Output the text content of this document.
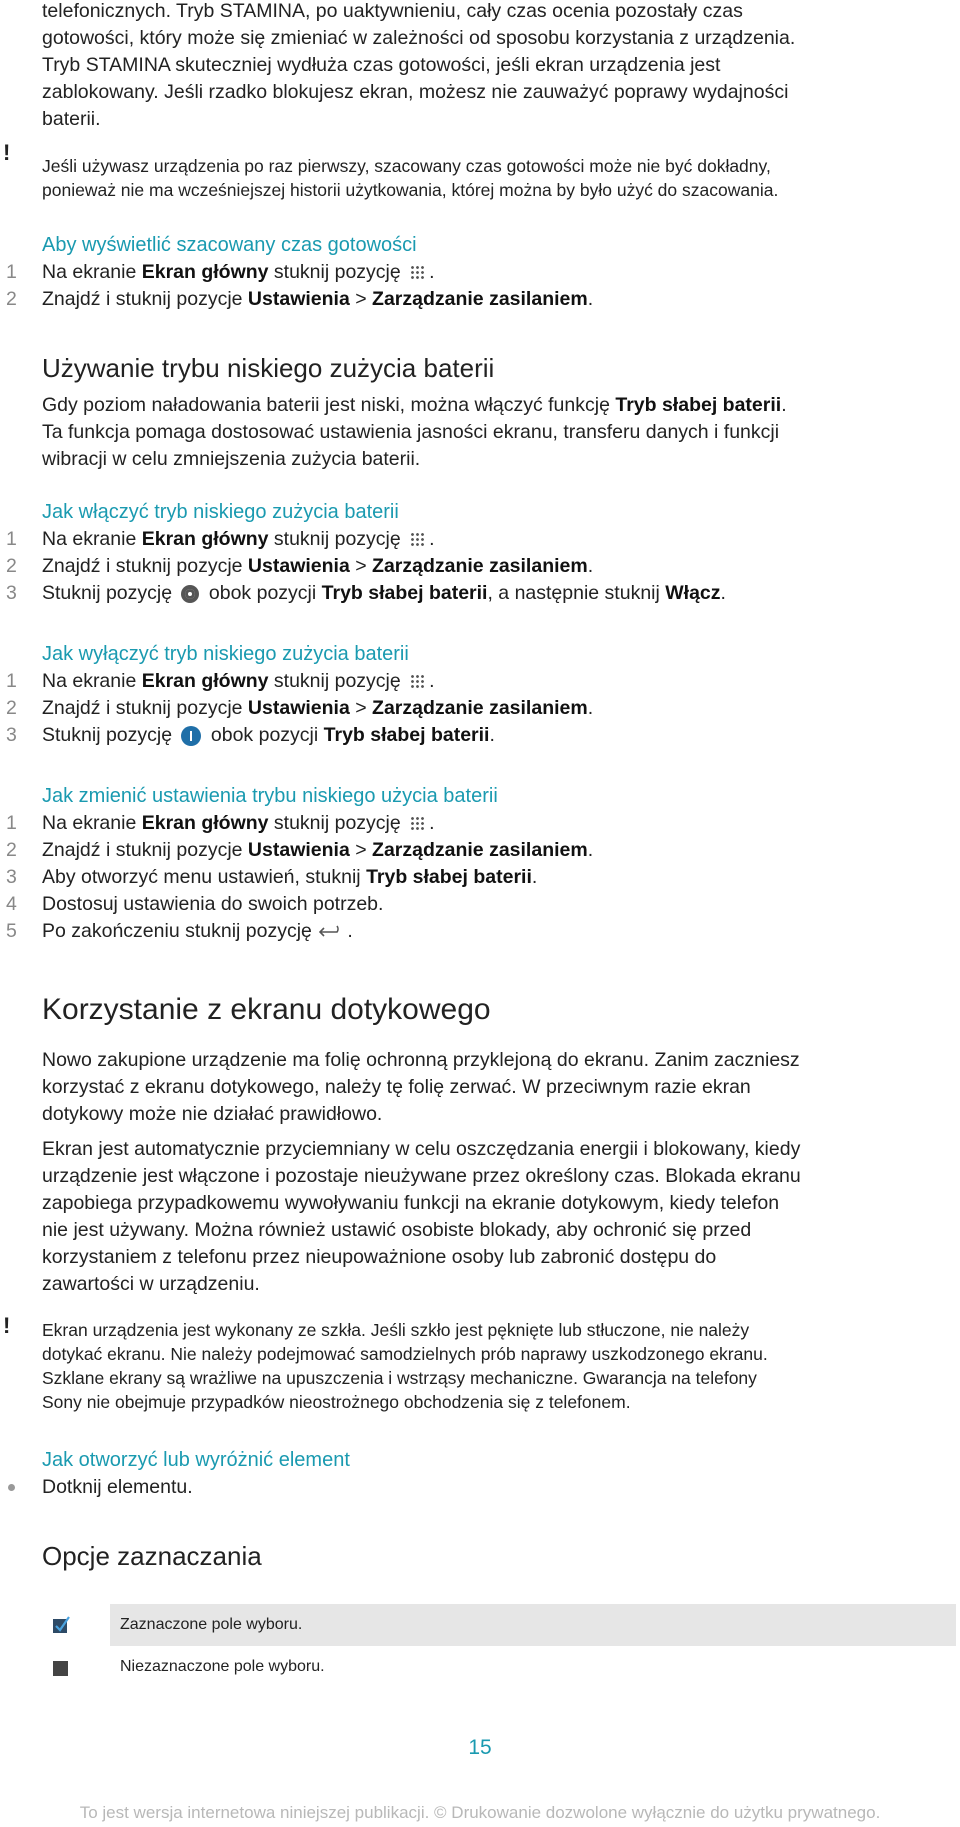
telefonicznych. Tryb STAMINA, po uaktywnieniu, cały czas ocenia pozostały czas

gotowości, który może się zmieniać w zależności od sposobu korzystania z urządzenia.

Tryb STAMINA skuteczniej wydłuża czas gotowości, jeśli ekran urządzenia jest

zablokowany. Jeśli rzadko blokujesz ekran, możesz nie zauważyć poprawy wydajności

baterii.

!

Jeśli używasz urządzenia po raz pierwszy, szacowany czas gotowości może nie być dokładny,

ponieważ nie ma wcześniejszej historii użytkowania, której można by było użyć do szacowania.

Aby wyświetlić szacowany czas gotowości

1 Na ekranie Ekran główny stuknij pozycję .
2 Znajdź i stuknij pozycje Ustawienia > Zarządzanie zasilaniem.
Używanie trybu niskiego zużycia baterii

Gdy poziom naładowania baterii jest niski, można włączyć funkcję Tryb słabej baterii.

Ta funkcja pomaga dostosować ustawienia jasności ekranu, transferu danych i funkcji

wibracji w celu zmniejszenia zużycia baterii.

Jak włączyć tryb niskiego zużycia baterii

1 Na ekranie Ekran główny stuknij pozycję .
2 Znajdź i stuknij pozycje Ustawienia > Zarządzanie zasilaniem.
3 Stuknij pozycję  obok pozycji Tryb słabej baterii, a następnie stuknij Włącz.

Jak wyłączyć tryb niskiego zużycia baterii

1 Na ekranie Ekran główny stuknij pozycję .
2 Znajdź i stuknij pozycje Ustawienia > Zarządzanie zasilaniem.
3 Stuknij pozycję  obok pozycji Tryb słabej baterii.

Jak zmienić ustawienia trybu niskiego użycia baterii

1 Na ekranie Ekran główny stuknij pozycję .
2 Znajdź i stuknij pozycje Ustawienia > Zarządzanie zasilaniem.
3 Aby otworzyć menu ustawień, stuknij Tryb słabej baterii.
4 Dostosuj ustawienia do swoich potrzeb.
5 Po zakończeniu stuknij pozycję .
Korzystanie z ekranu dotykowego

Nowo zakupione urządzenie ma folię ochronną przyklejoną do ekranu. Zanim zaczniesz

korzystać z ekranu dotykowego, należy tę folię zerwać. W przeciwnym razie ekran

dotykowy może nie działać prawidłowo.

Ekran jest automatycznie przyciemniany w celu oszczędzania energii i blokowany, kiedy

urządzenie jest włączone i pozostaje nieużywane przez określony czas. Blokada ekranu

zapobiega przypadkowemu wywoływaniu funkcji na ekranie dotykowym, kiedy telefon

nie jest używany. Można również ustawić osobiste blokady, aby ochronić się przed

korzystaniem z telefonu przez nieupoważnione osoby lub zabronić dostępu do

zawartości w urządzeniu.

! Ekran urządzenia jest wykonany ze szkła. Jeśli szkło jest pęknięte lub stłuczone, nie należy

dotykać ekranu. Nie należy podejmować samodzielnych prób naprawy uszkodzonego ekranu.

Szklane ekrany są wrażliwe na upuszczenia i wstrząsy mechaniczne. Gwarancja na telefony

Sony nie obejmuje przypadków nieostrożnego obchodzenia się z telefonem.

Jak otworzyć lub wyróżnić element

Dotknij elementu.

Opcje zaznaczania
Zaznaczone pole wyboru.
Niezaznaczone pole wyboru.
15
To jest wersja internetowa niniejszej publikacji. © Drukowanie dozwolone wyłącznie do użytku prywatnego.
